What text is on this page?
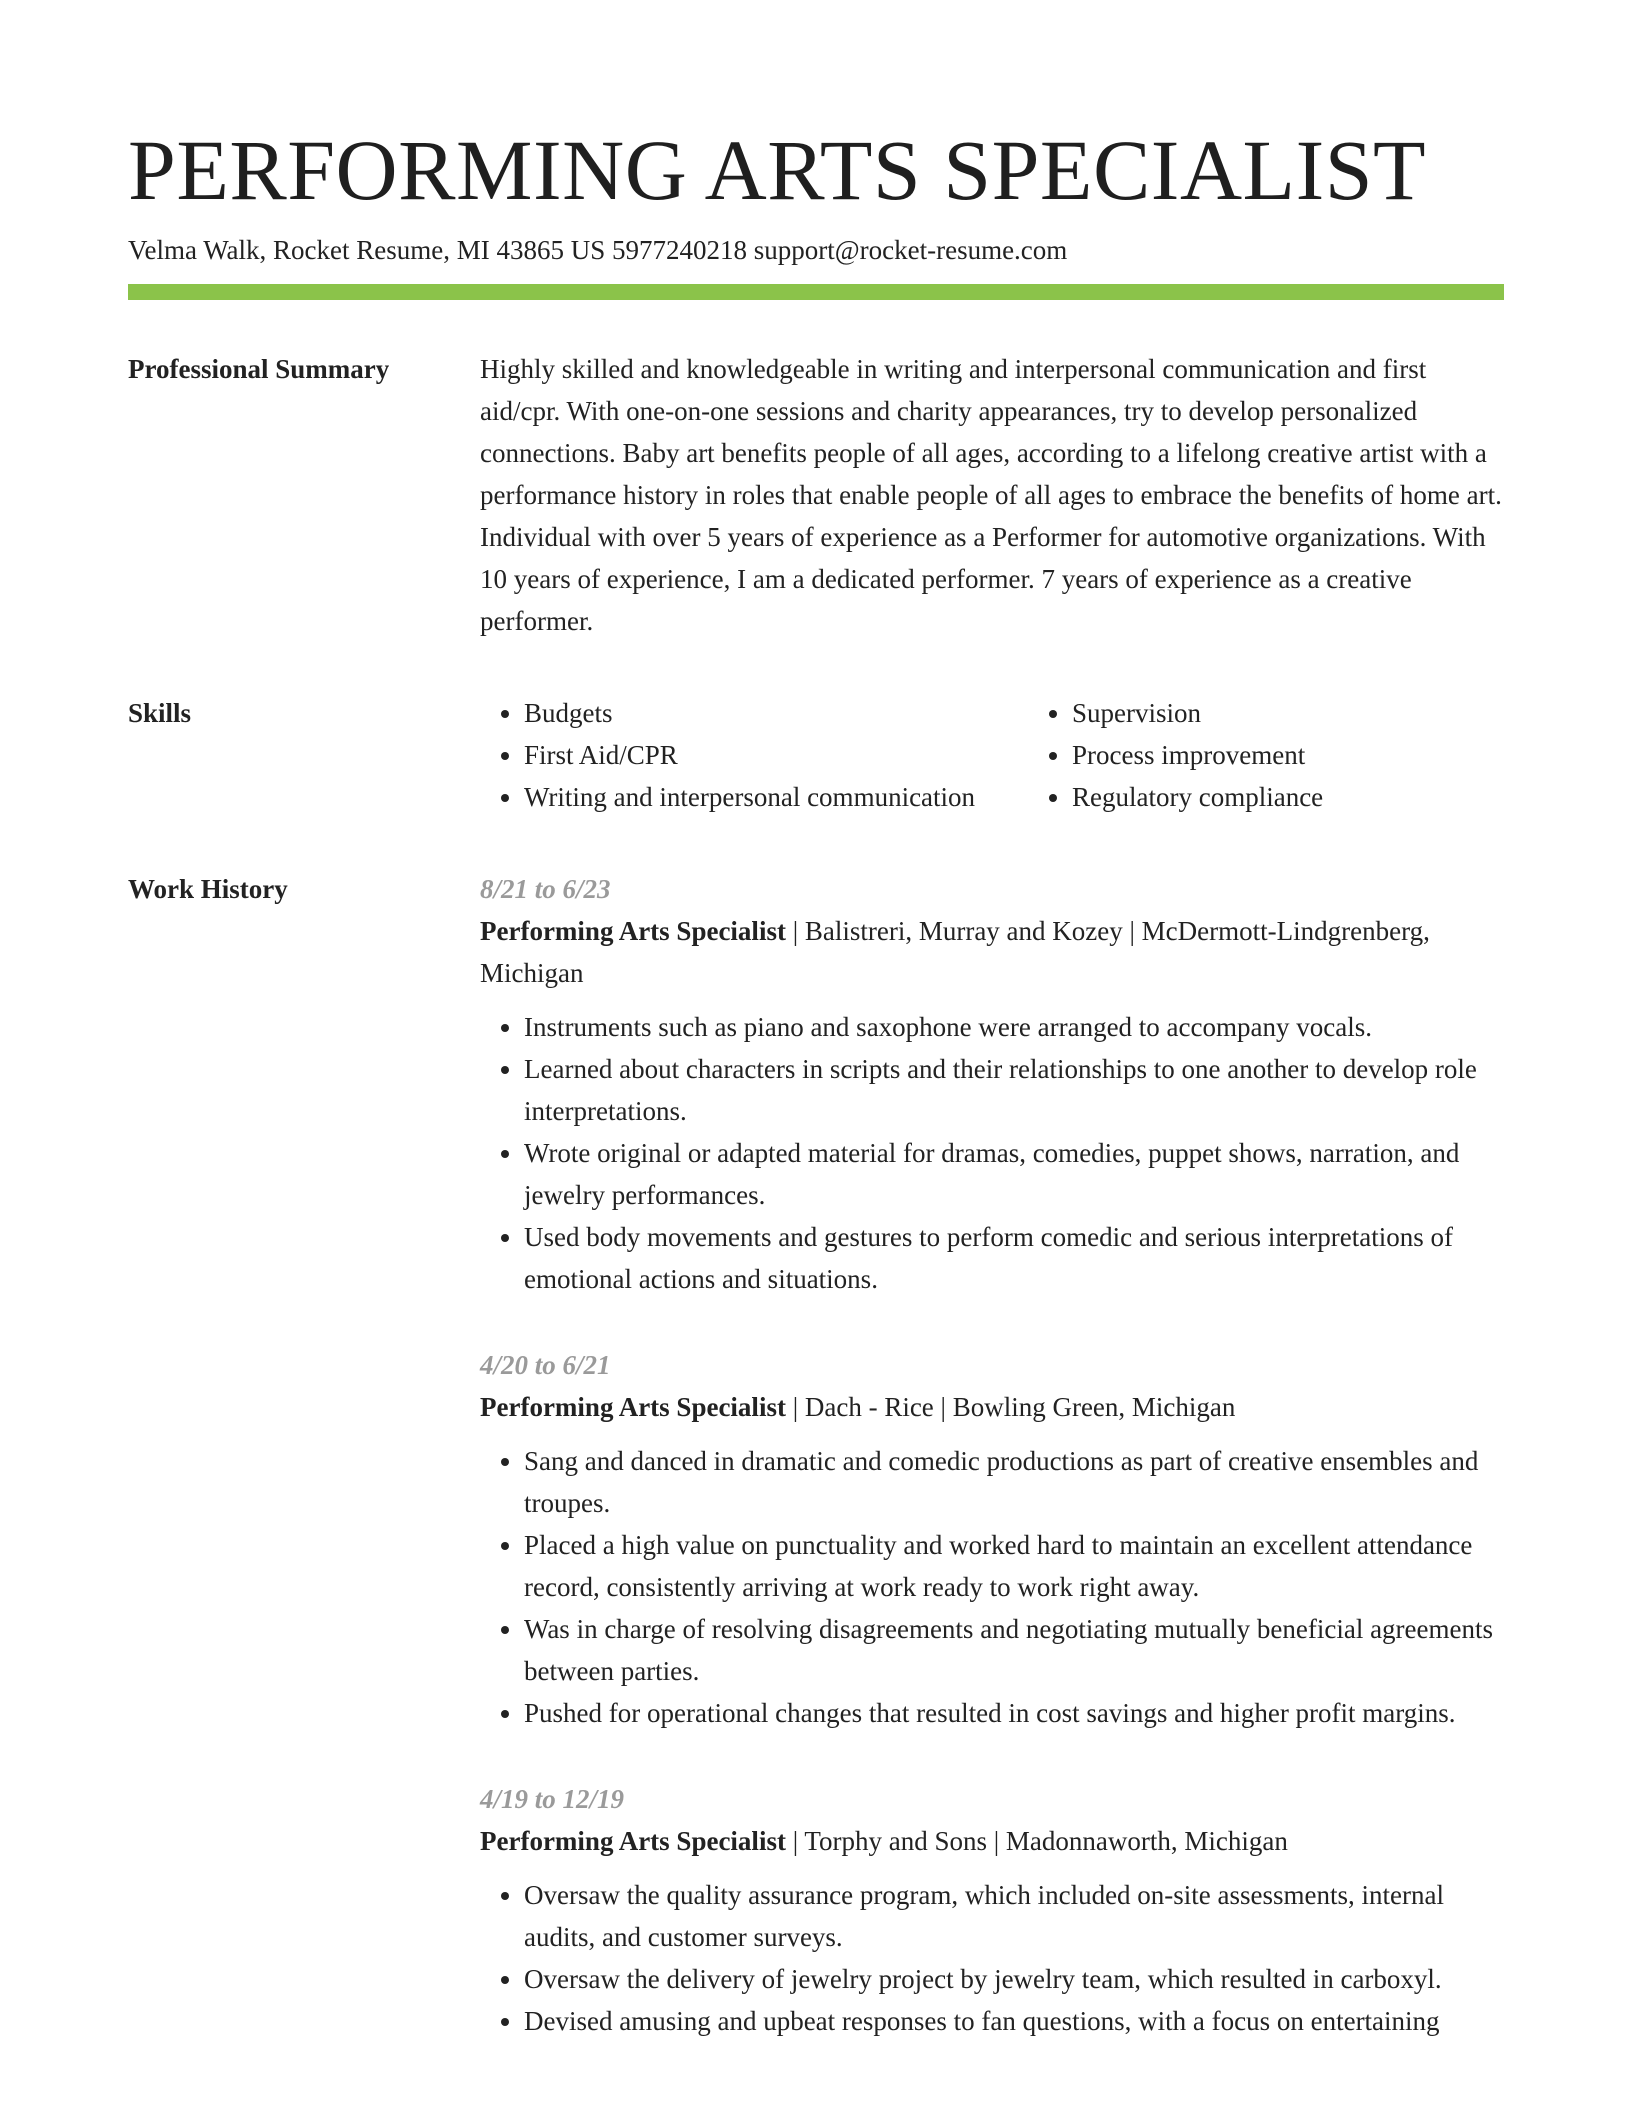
PERFORMING ARTS SPECIALIST
Velma Walk, Rocket Resume, MI 43865 US 5977240218 support@rocket-resume.com
Professional Summary	Highly skilled and knowledgeable in writing and interpersonal communication and first aid/cpr. With one-on-one sessions and charity appearances, try to develop personalized connections. Baby art benefits people of all ages, according to a lifelong creative artist with a performance history in roles that enable people of all ages to embrace the benefits of home art. Individual with over 5 years of experience as a Performer for automotive organizations. With 10 years of experience, I am a dedicated performer. 7 years of experience as a creative performer.

Skills
•	Budgets
• First Aid/CPR
• Writing and interpersonal communication
• Supervision
• Process improvement
• Regulatory compliance
Work History	8/21 to 6/23
Performing Arts Specialist | Balistreri, Murray and Kozey | McDermott-Lindgrenberg, Michigan
• Instruments such as piano and saxophone were arranged to accompany vocals.
• Learned about characters in scripts and their relationships to one another to develop role interpretations.
• Wrote original or adapted material for dramas, comedies, puppet shows, narration, and jewelry performances.
• Used body movements and gestures to perform comedic and serious interpretations of emotional actions and situations.
4/20 to 6/21
Performing Arts Specialist | Dach - Rice | Bowling Green, Michigan
• Sang and danced in dramatic and comedic productions as part of creative ensembles and troupes.
• Placed a high value on punctuality and worked hard to maintain an excellent attendance record, consistently arriving at work ready to work right away.
• Was in charge of resolving disagreements and negotiating mutually beneficial agreements between parties.
• Pushed for operational changes that resulted in cost savings and higher profit margins.
4/19 to 12/19
Performing Arts Specialist | Torphy and Sons | Madonnaworth, Michigan
• Oversaw the quality assurance program, which included on-site assessments, internal audits, and customer surveys.
• Oversaw the delivery of jewelry project by jewelry team, which resulted in carboxyl.
• Devised amusing and upbeat responses to fan questions, with a focus on entertaining
